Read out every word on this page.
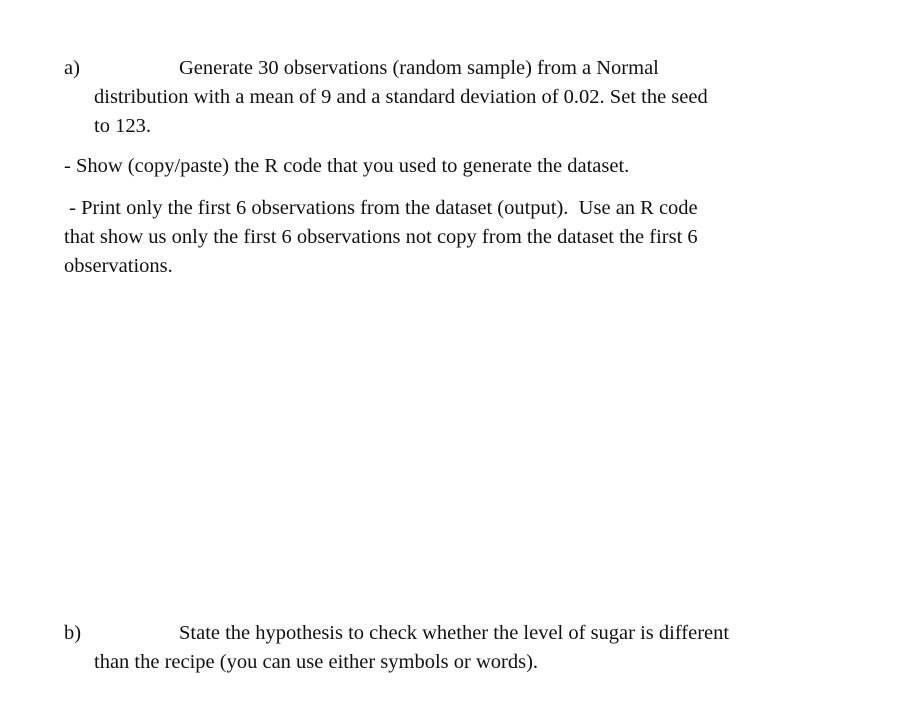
a)	Generate 30 observations (random sample) from a Normal
distribution with a mean of 9 and a standard deviation of 0.02. Set the seed
to 123.
- Show (copy/paste) the R code that you used to generate the dataset.
- Print only the first 6 observations from the dataset (output).  Use an R code
that show us only the first 6 observations not copy from the dataset the first 6
observations.
b)	State the hypothesis to check whether the level of sugar is different
than the recipe (you can use either symbols or words).
